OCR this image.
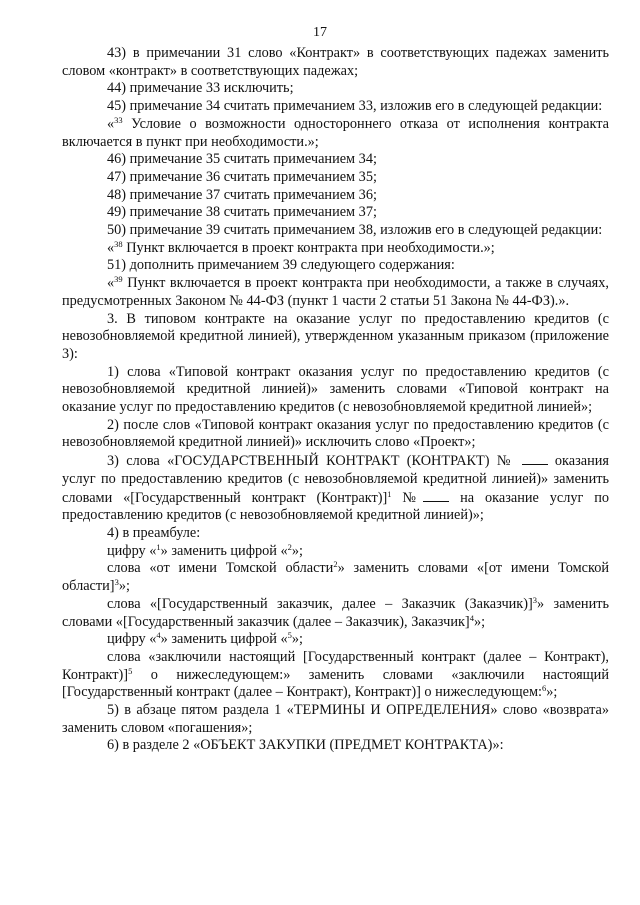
17

43) в примечании 31 слово «Контракт» в соответствующих падежах заменить словом «контракт» в соответствующих падежах;

44) примечание 33 исключить;

45) примечание 34 считать примечанием 33, изложив его в следующей редакции:

«$^{33}$ Условие о возможности одностороннего отказа от исполнения контракта включается в пункт при необходимости.»;

46) примечание 35 считать примечанием 34;

47) примечание 36 считать примечанием 35;

48) примечание 37 считать примечанием 36;

49) примечание 38 считать примечанием 37;

50) примечание 39 считать примечанием 38, изложив его в следующей редакции:

«$^{38}$ Пункт включается в проект контракта при необходимости.»;

51) дополнить примечанием 39 следующего содержания:

«$^{39}$ Пункт включается в проект контракта при необходимости, а также в случаях, предусмотренных Законом № 44-ФЗ (пункт 1 части 2 статьи 51 Закона № 44-ФЗ).».

3. В типовом контракте на оказание услуг по предоставлению кредитов (с невозобновляемой кредитной линией), утвержденном указанным приказом (приложение 3):

1) слова «Типовой контракт оказания услуг по предоставлению кредитов (с невозобновляемой кредитной линией)» заменить словами «Типовой контракт на оказание услуг по предоставлению кредитов (с невозобновляемой кредитной линией»;

2) после слов «Типовой контракт оказания услуг по предоставлению кредитов (с невозобновляемой кредитной линией)» исключить слово «Проект»;

3) слова «ГОСУДАРСТВЕННЫЙ КОНТРАКТ (КОНТРАКТ) №  оказания услуг по предоставлению кредитов (с невозобновляемой кредитной линией)» заменить словами «[Государственный контракт (Контракт)]$^1$ № на оказание услуг по предоставлению кредитов (с невозобновляемой кредитной линией)»;

4) в преамбуле:

цифру «$^1$» заменить цифрой «$^2$»;

слова «от имени Томской области$^2$» заменить словами «[от имени Томской области]$^3$»;

слова «[Государственный заказчик, далее – Заказчик (Заказчик)]$^3$» заменить словами «[Государственный заказчик (далее – Заказчик), Заказчик]$^4$»;

цифру «$^4$» заменить цифрой «$^5$»;

слова «заключили настоящий [Государственный контракт (далее – Контракт), Контракт)]$^5$ о нижеследующем:» заменить словами «заключили настоящий [Государственный контракт (далее – Контракт), Контракт)] о нижеследующем:$^6$»;

5) в абзаце пятом раздела 1 «ТЕРМИНЫ И ОПРЕДЕЛЕНИЯ» слово «возврата» заменить словом «погашения»;

6) в разделе 2 «ОБЪЕКТ ЗАКУПКИ (ПРЕДМЕТ КОНТРАКТА)»:
